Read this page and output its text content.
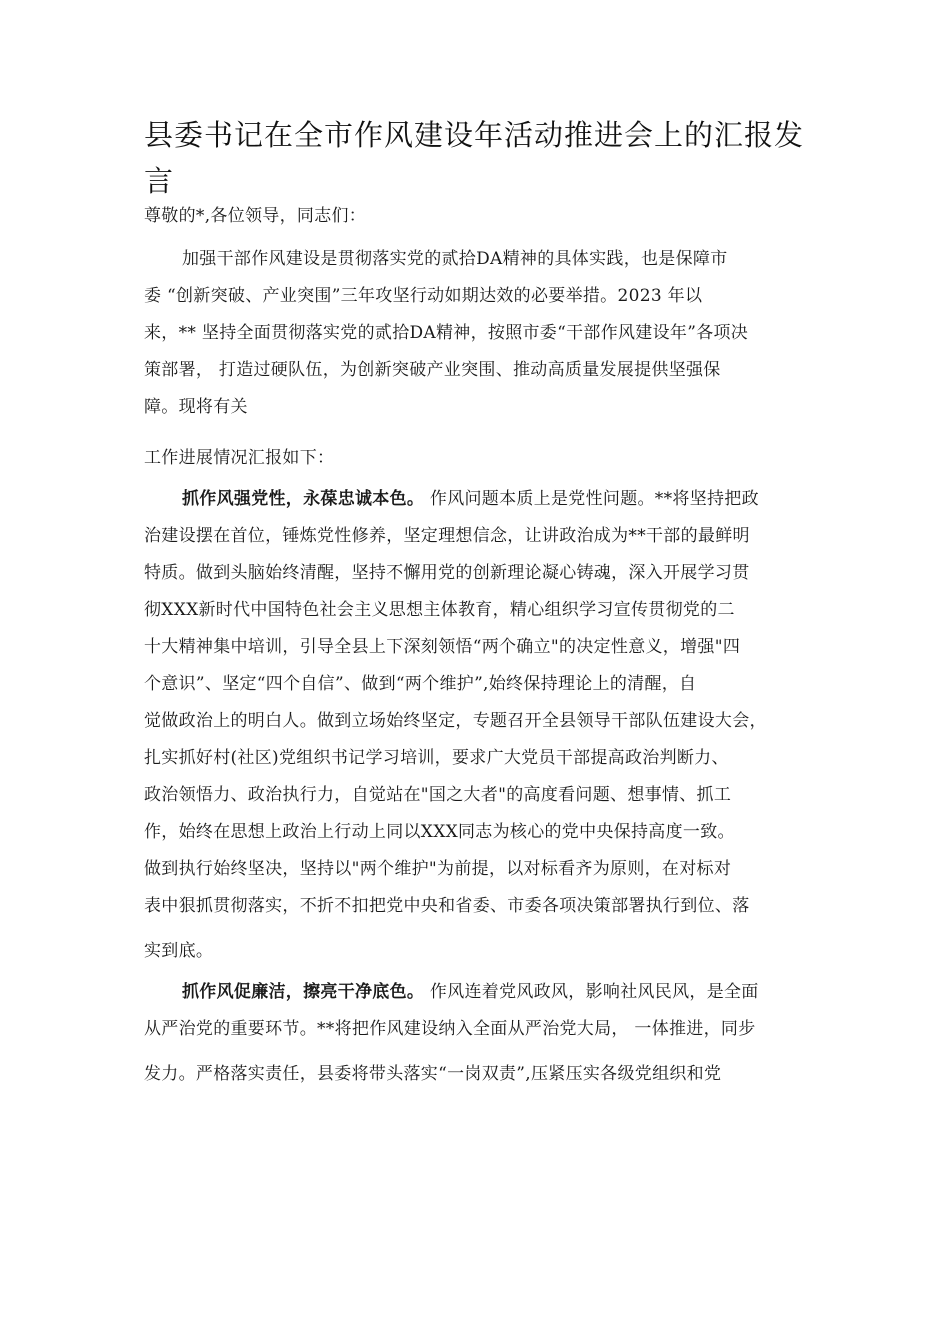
县委书记在全市作风建设年活动推进会上的汇报发
言
尊敬的*,各位领导，同志们：
加强干部作风建设是贯彻落实党的贰拾DA精神的具体实践，也是保障市
委 “创新突破、产业突围”三年攻坚行动如期达效的必要举措。2023 年以
来，** 坚持全面贯彻落实党的贰拾DA精神，按照市委“干部作风建设年”各项决
策部署， 打造过硬队伍，为创新突破产业突围、推动高质量发展提供坚强保
障。现将有关
工作进展情况汇报如下：
抓作风强党性，永葆忠诚本色。 作风问题本质上是党性问题。**将坚持把政
治建设摆在首位，锤炼党性修养，坚定理想信念，让讲政治成为**干部的最鲜明
特质。做到头脑始终清醒，坚持不懈用党的创新理论凝心铸魂，深入开展学习贯
彻XXX新时代中国特色社会主义思想主体教育，精心组织学习宣传贯彻党的二
十大精神集中培训，引导全县上下深刻领悟“两个确立"的决定性意义，增强"四
个意识”、坚定“四个自信”、做到“两个维护”,始终保持理论上的清醒，自
觉做政治上的明白人。做到立场始终坚定，专题召开全县领导干部队伍建设大会，
扎实抓好村(社区)党组织书记学习培训，要求广大党员干部提高政治判断力、
政治领悟力、政治执行力，自觉站在"国之大者"的高度看问题、想事情、抓工
作，始终在思想上政治上行动上同以XXX同志为核心的党中央保持高度一致。
做到执行始终坚决，坚持以"两个维护"为前提，以对标看齐为原则，在对标对
表中狠抓贯彻落实，不折不扣把党中央和省委、市委各项决策部署执行到位、落
实到底。
抓作风促廉洁，擦亮干净底色。 作风连着党风政风，影响社风民风，是全面
从严治党的重要环节。**将把作风建设纳入全面从严治党大局， 一体推进，同步
发力。严格落实责任，县委将带头落实“一岗双责”,压紧压实各级党组织和党
